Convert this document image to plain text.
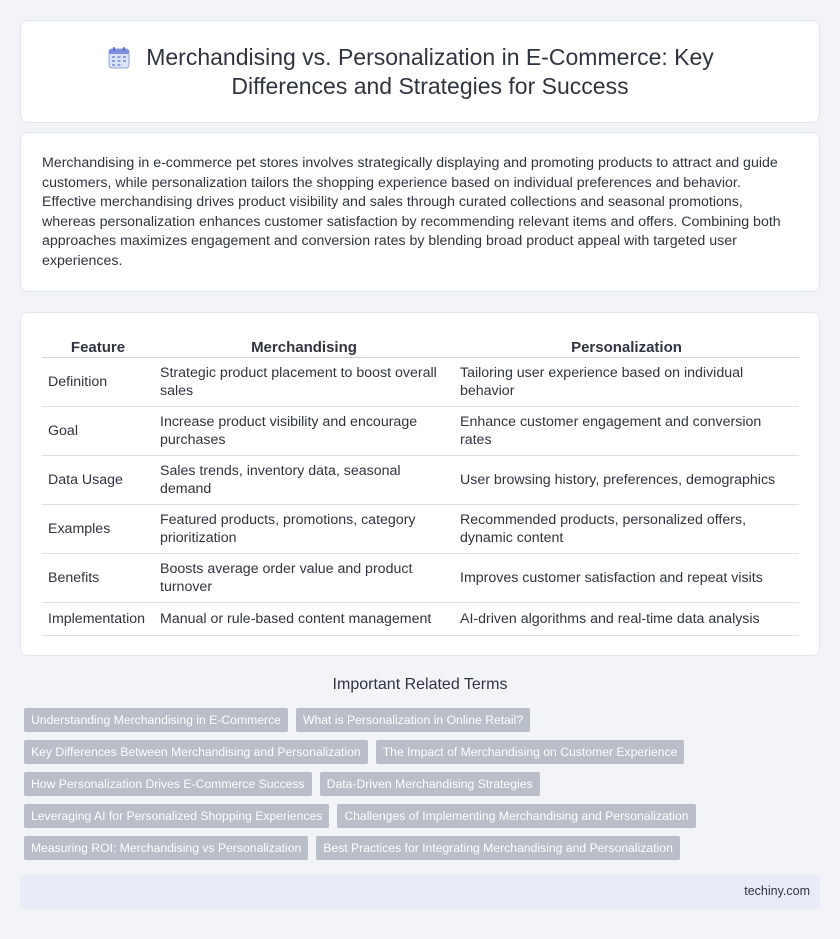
Merchandising vs. Personalization in E-Commerce: Key Differences and Strategies for Success

Merchandising in e-commerce pet stores involves strategically displaying and promoting products to attract and guide customers, while personalization tailors the shopping experience based on individual preferences and behavior. Effective merchandising drives product visibility and sales through curated collections and seasonal promotions, whereas personalization enhances customer satisfaction by recommending relevant items and offers. Combining both approaches maximizes engagement and conversion rates by blending broad product appeal with targeted user experiences.

Feature	Merchandising	Personalization
Definition	Strategic product placement to boost overall sales	Tailoring user experience based on individual behavior
Goal	Increase product visibility and encourage purchases	Enhance customer engagement and conversion rates
Data Usage	Sales trends, inventory data, seasonal demand	User browsing history, preferences, demographics
Examples	Featured products, promotions, category prioritization	Recommended products, personalized offers, dynamic content
Benefits	Boosts average order value and product turnover	Improves customer satisfaction and repeat visits
Implementation	Manual or rule-based content management	AI-driven algorithms and real-time data analysis
Important Related Terms
Understanding Merchandising in E-Commerce	What is Personalization in Online Retail?
Key Differences Between Merchandising and Personalization	The Impact of Merchandising on Customer Experience
How Personalization Drives E-Commerce Success	Data-Driven Merchandising Strategies
Leveraging AI for Personalized Shopping Experiences	Challenges of Implementing Merchandising and Personalization
Measuring ROI: Merchandising vs Personalization	Best Practices for Integrating Merchandising and Personalization
techiny.com
